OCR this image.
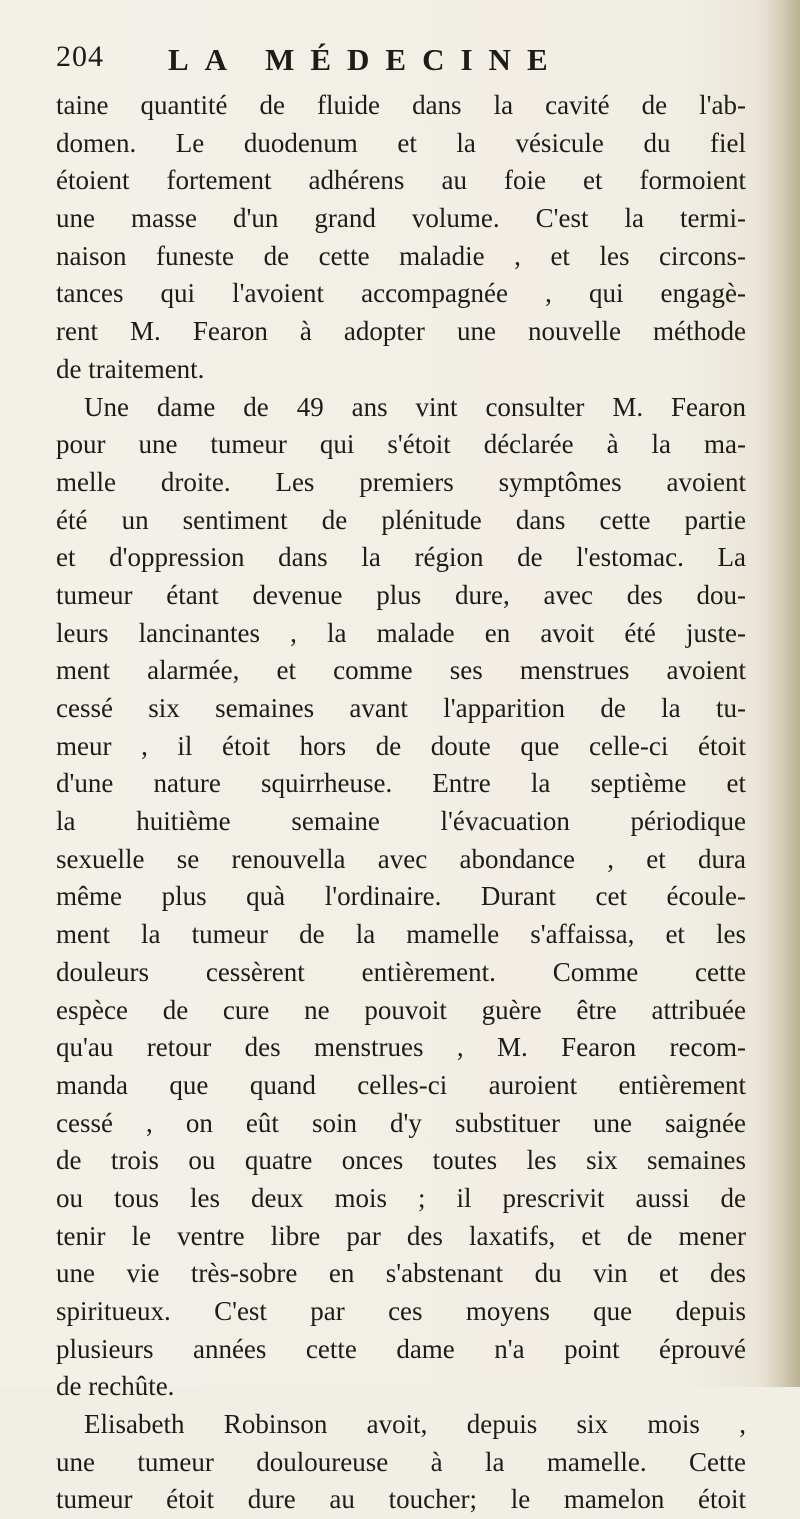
204 LA MÉDECINE
taine quantité de fluide dans la cavité de l'ab-
domen. Le duodenum et la vésicule du fiel
étoient fortement adhérens au foie et formoient
une masse d'un grand volume. C'est la termi-
naison funeste de cette maladie , et les circons-
tances qui l'avoient accompagnée , qui engagè-
rent M. Fearon à adopter une nouvelle méthode
de traitement.
Une dame de 49 ans vint consulter M. Fearon
pour une tumeur qui s'étoit déclarée à la ma-
melle droite. Les premiers symptômes avoient
été un sentiment de plénitude dans cette partie
et d'oppression dans la région de l'estomac. La
tumeur étant devenue plus dure, avec des dou-
leurs lancinantes , la malade en avoit été juste-
ment alarmée, et comme ses menstrues avoient
cessé six semaines avant l'apparition de la tu-
meur , il étoit hors de doute que celle-ci étoit
d'une nature squirrheuse. Entre la septième et
la huitième semaine l'évacuation périodique
sexuelle se renouvella avec abondance , et dura
même plus quà l'ordinaire. Durant cet écoule-
ment la tumeur de la mamelle s'affaissa, et les
douleurs cessèrent entièrement. Comme cette
espèce de cure ne pouvoit guère être attribuée
qu'au retour des menstrues , M. Fearon recom-
manda que quand celles-ci auroient entièrement
cessé , on eût soin d'y substituer une saignée
de trois ou quatre onces toutes les six semaines
ou tous les deux mois ; il prescrivit aussi de
tenir le ventre libre par des laxatifs, et de mener
une vie très-sobre en s'abstenant du vin et des
spiritueux. C'est par ces moyens que depuis
plusieurs années cette dame n'a point éprouvé
de rechûte.
Elisabeth Robinson avoit, depuis six mois ,
une tumeur douloureuse à la mamelle. Cette
tumeur étoit dure au toucher; le mamelon étoit
